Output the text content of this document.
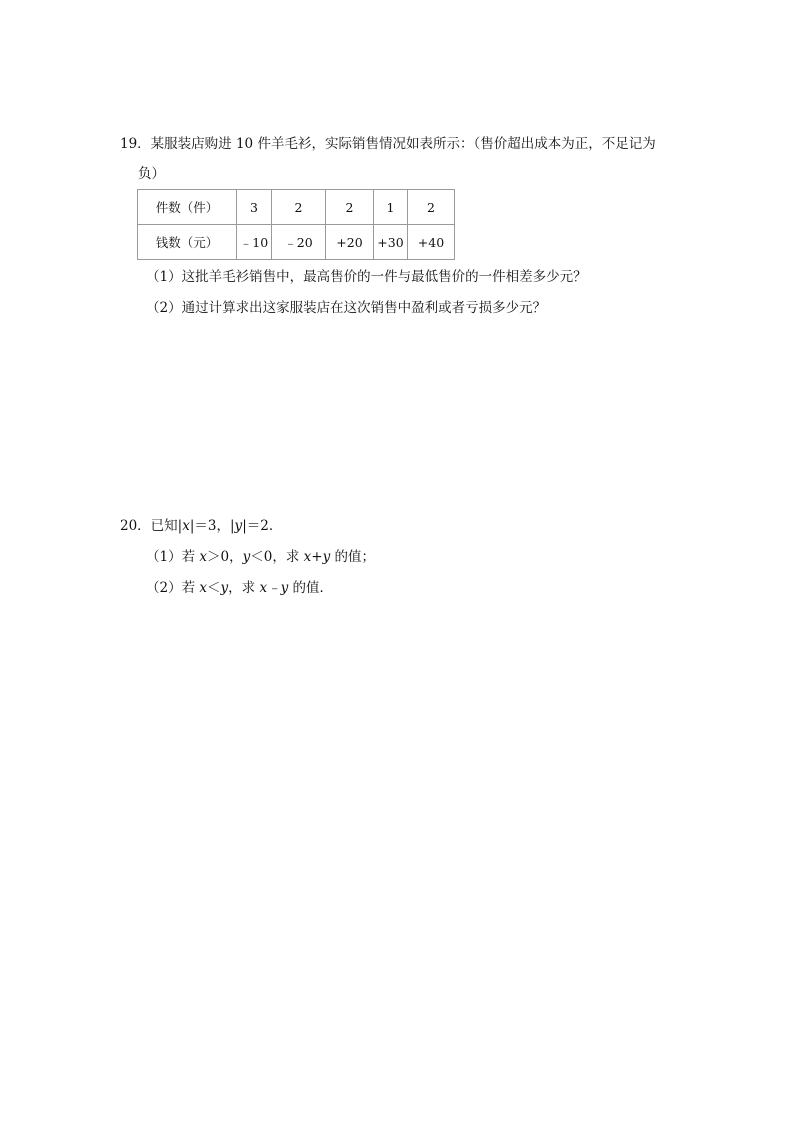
19．某服装店购进 10 件羊毛衫，实际销售情况如表所示：（售价超出成本为正，不足记为
负）
件数（件）	3	2	2	1	2
钱数（元）	﹣10	﹣20	+20	+30	+40
（1）这批羊毛衫销售中，最高售价的一件与最低售价的一件相差多少元？
（2）通过计算求出这家服装店在这次销售中盈利或者亏损多少元？
20．已知|x|＝3，|y|＝2．
（1）若 x＞0，y＜0，求 x+y 的值；
（2）若 x＜y，求 x﹣y 的值．
